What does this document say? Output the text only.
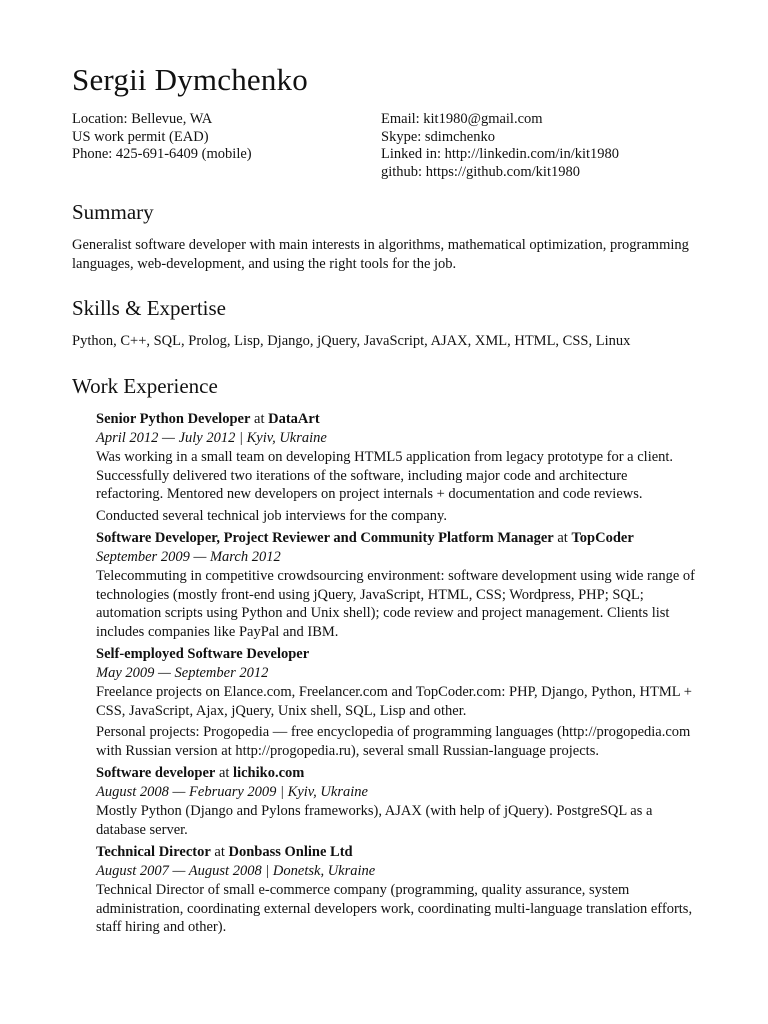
Sergii Dymchenko
Location: Bellevue, WA
US work permit (EAD)
Phone: 425-691-6409 (mobile)
Email: kit1980@gmail.com
Skype: sdimchenko
Linked in: http://linkedin.com/in/kit1980
github: https://github.com/kit1980
Summary

Generalist software developer with main interests in algorithms, mathematical optimization, programming languages, web-development, and using the right tools for the job.

Skills & Expertise

Python, C++, SQL, Prolog, Lisp, Django, jQuery, JavaScript, AJAX, XML, HTML, CSS, Linux

Work Experience
Senior Python Developer at DataArt
April 2012 — July 2012 | Kyiv, Ukraine

Was working in a small team on developing HTML5 application from legacy prototype for a client. Successfully delivered two iterations of the software, including major code and architecture refactoring. Mentored new developers on project internals + documentation and code reviews.

Conducted several technical job interviews for the company.

Software Developer, Project Reviewer and Community Platform Manager at TopCoder
September 2009 — March 2012

Telecommuting in competitive crowdsourcing environment: software development using wide range of technologies (mostly front-end using jQuery, JavaScript, HTML, CSS; Wordpress, PHP; SQL; automation scripts using Python and Unix shell); code review and project management. Clients list includes companies like PayPal and IBM.

Self-employed Software Developer
May 2009 — September 2012

Freelance projects on Elance.com, Freelancer.com and TopCoder.com: PHP, Django, Python, HTML + CSS, JavaScript, Ajax, jQuery, Unix shell, SQL, Lisp and other.

Personal projects: Progopedia — free encyclopedia of programming languages (http://progopedia.com with Russian version at http://progopedia.ru), several small Russian-language projects.

Software developer at lichiko.com
August 2008 — February 2009 | Kyiv, Ukraine

Mostly Python (Django and Pylons frameworks), AJAX (with help of jQuery). PostgreSQL as a database server.

Technical Director at Donbass Online Ltd
August 2007 — August 2008 | Donetsk, Ukraine

Technical Director of small e-commerce company (programming, quality assurance, system administration, coordinating external developers work, coordinating multi-language translation efforts, staff hiring and other).
